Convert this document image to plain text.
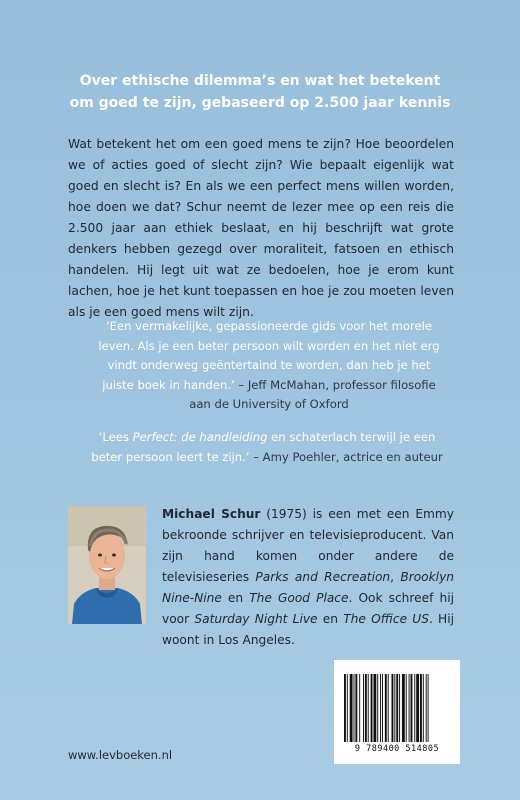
Over ethische dilemma’s en wat het betekent
om goed te zijn, gebaseerd op 2.500 jaar kennis

Wat betekent het om een goed mens te zijn? Hoe beoordelen we of acties goed of slecht zijn? Wie bepaalt eigenlijk wat goed en slecht is? En als we een perfect mens willen worden, hoe doen we dat? Schur neemt de lezer mee op een reis die 2.500 jaar aan ethiek beslaat, en hij beschrijft wat grote denkers hebben gezegd over moraliteit, fatsoen en ethisch handelen. Hij legt uit wat ze bedoelen, hoe je erom kunt lachen, hoe je het kunt toepassen en hoe je zou moeten leven als je een goed mens wilt zijn.

‘Een vermakelijke, gepassioneerde gids voor het morele leven. Als je een beter persoon wilt worden en het niet erg vindt onderweg geëntertaind te worden, dan heb je het juiste boek in handen.’ – Jeff McMahan, professor filosofie aan de University of Oxford

‘Lees Perfect: de handleiding en schaterlach terwijl je een beter persoon leert te zijn.’ – Amy Poehler, actrice en auteur

Michael Schur (1975) is een met een Emmy bekroonde schrijver en televisieproducent. Van zijn hand komen onder andere de televisieseries Parks and Recreation, Brooklyn Nine-Nine en The Good Place. Ook schreef hij voor Saturday Night Live en The Office US. Hij woont in Los Angeles.

9 789400 514805
www.levboeken.nl
